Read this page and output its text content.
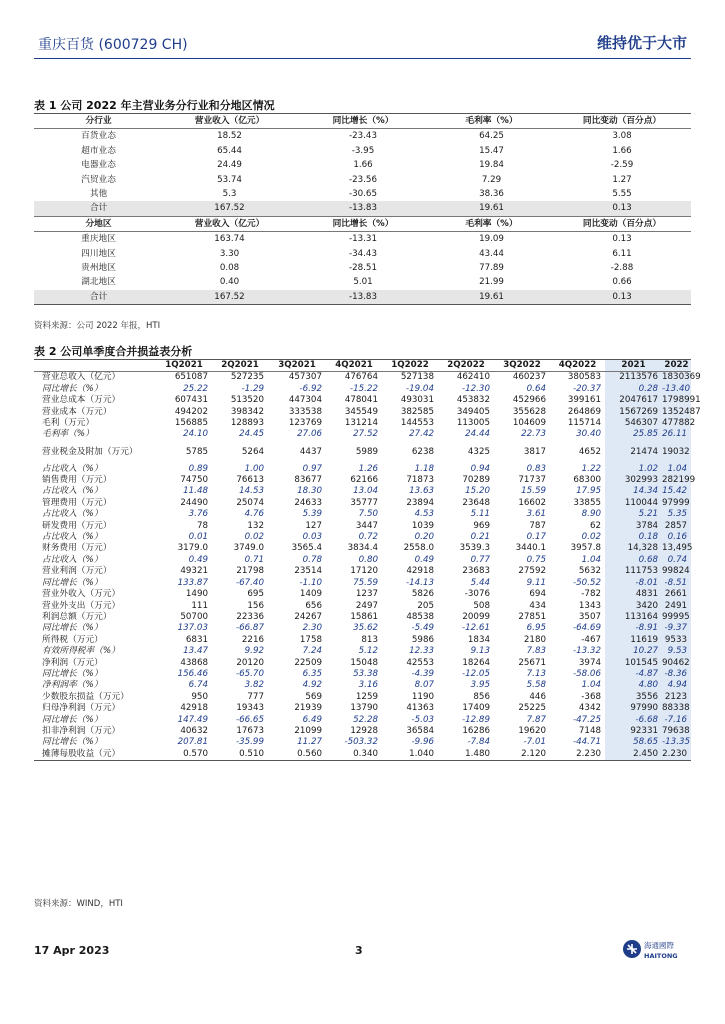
重庆百货 (600729 CH)	维持优于大市
表 1 公司 2022 年主营业务分行业和分地区情况
分行业	营业收入（亿元）	同比增长（%）	毛利率（%）	同比变动（百分点）
百货业态	18.52	-23.43	64.25	3.08
超市业态	65.44	-3.95	15.47	1.66
电器业态	24.49	1.66	19.84	-2.59
汽贸业态	53.74	-23.56	7.29	1.27
其他	5.3	-30.65	38.36	5.55
合计	167.52	-13.83	19.61	0.13
分地区	营业收入（亿元）	同比增长（%）	毛利率（%）	同比变动（百分点）
重庆地区	163.74	-13.31	19.09	0.13
四川地区	3.30	-34.43	43.44	6.11
贵州地区	0.08	-28.51	77.89	-2.88
湖北地区	0.40	5.01	21.99	0.66
合计	167.52	-13.83	19.61	0.13
资料来源：公司 2022 年报，HTI
表 2 公司单季度合并损益表分析
	1Q2021	2Q2021	3Q2021	4Q2021	1Q2022	2Q2022	3Q2022	4Q2022	2021	2022
营业总收入（亿元）	651087	527235	457307	476764	527138	462410	460237	380583	2113576	1830369
同比增长（%）	25.22	-1.29	-6.92	-15.22	-19.04	-12.30	0.64	-20.37	0.28	-13.40
营业总成本（万元）	607431	513520	447304	478041	493031	453832	452966	399161	2047617	1798991
营业成本（万元）	494202	398342	333538	345549	382585	349405	355628	264869	1567269	1352487
毛利（万元）	156885	128893	123769	131214	144553	113005	104609	115714	546307	477882
毛利率（%）	24.10	24.45	27.06	27.52	27.42	24.44	22.73	30.40	25.85	26.11
营业税金及附加（万元）	5785	5264	4437	5989	6238	4325	3817	4652	21474	19032
占比收入（%）	0.89	1.00	0.97	1.26	1.18	0.94	0.83	1.22	1.02	1.04
销售费用（万元）	74750	76613	83677	62166	71873	70289	71737	68300	302993	282199
占比收入（%）	11.48	14.53	18.30	13.04	13.63	15.20	15.59	17.95	14.34	15.42
管理费用（万元）	24490	25074	24633	35777	23894	23648	16602	33855	110044	97999
占比收入（%）	3.76	4.76	5.39	7.50	4.53	5.11	3.61	8.90	5.21	5.35
研发费用（万元）	78	132	127	3447	1039	969	787	62	3784	2857
占比收入（%）	0.01	0.02	0.03	0.72	0.20	0.21	0.17	0.02	0.18	0.16
财务费用（万元）	3179.0	3749.0	3565.4	3834.4	2558.0	3539.3	3440.1	3957.8	14,328	13,495
占比收入（%）	0.49	0.71	0.78	0.80	0.49	0.77	0.75	1.04	0.68	0.74
营业利润（万元）	49321	21798	23514	17120	42918	23683	27592	5632	111753	99824
同比增长（%）	133.87	-67.40	-1.10	75.59	-14.13	5.44	9.11	-50.52	-8.01	-8.51
营业外收入（万元）	1490	695	1409	1237	5826	-3076	694	-782	4831	2661
营业外支出（万元）	111	156	656	2497	205	508	434	1343	3420	2491
利润总额（万元）	50700	22336	24267	15861	48538	20099	27851	3507	113164	99995
同比增长（%）	137.03	-66.87	2.30	35.62	-5.49	-12.61	6.95	-64.69	-8.91	-9.37
所得税（万元）	6831	2216	1758	813	5986	1834	2180	-467	11619	9533
有效所得税率（%）	13.47	9.92	7.24	5.12	12.33	9.13	7.83	-13.32	10.27	9.53
净利润（万元）	43868	20120	22509	15048	42553	18264	25671	3974	101545	90462
同比增长（%）	156.46	-65.70	6.35	53.38	-4.39	-12.05	7.13	-58.06	-4.87	-8.36
净利润率（%）	6.74	3.82	4.92	3.16	8.07	3.95	5.58	1.04	4.80	4.94
少数股东损益（万元）	950	777	569	1259	1190	856	446	-368	3556	2123
归母净利润（万元）	42918	19343	21939	13790	41363	17409	25225	4342	97990	88338
同比增长（%）	147.49	-66.65	6.49	52.28	-5.03	-12.89	7.87	-47.25	-6.68	-7.16
扣非净利润（万元）	40632	17673	21099	12928	36584	16286	19620	7148	92331	79638
同比增长（%）	207.81	-35.99	11.27	-503.32	-9.96	-7.84	-7.01	-44.71	58.65	-13.35
摊薄每股收益（元）	0.570	0.510	0.560	0.340	1.040	1.480	2.120	2.230	2.450	2.230
资料来源：WIND，HTI
17 Apr 2023	3	海通國際
HAITONG
